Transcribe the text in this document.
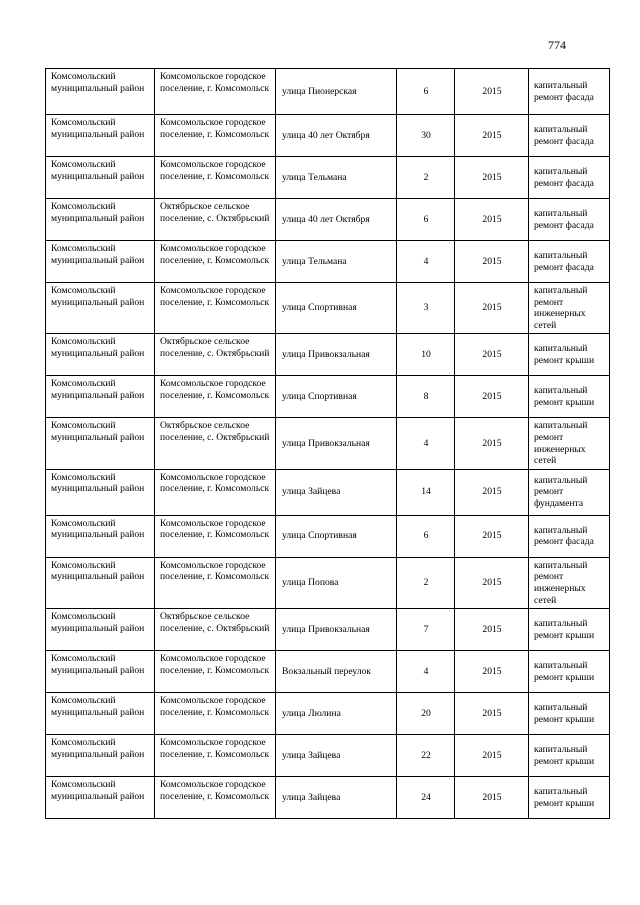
774
Комсомольский муниципальный район	Комсомольское городское поселение, г. Комсомольск	улица Пионерская	6	2015	капитальный ремонт фасада
Комсомольский муниципальный район	Комсомольское городское поселение, г. Комсомольск	улица 40 лет Октября	30	2015	капитальный ремонт фасада
Комсомольский муниципальный район	Комсомольское городское поселение, г. Комсомольск	улица Тельмана	2	2015	капитальный ремонт фасада
Комсомольский муниципальный район	Октябрьское сельское поселение, с. Октябрьский	улица 40 лет Октября	6	2015	капитальный ремонт фасада
Комсомольский муниципальный район	Комсомольское городское поселение, г. Комсомольск	улица Тельмана	4	2015	капитальный ремонт фасада
Комсомольский муниципальный район	Комсомольское городское поселение, г. Комсомольск	улица Спортивная	3	2015	капитальный ремонт инженерных сетей
Комсомольский муниципальный район	Октябрьское сельское поселение, с. Октябрьский	улица Привокзальная	10	2015	капитальный ремонт крыши
Комсомольский муниципальный район	Комсомольское городское поселение, г. Комсомольск	улица Спортивная	8	2015	капитальный ремонт крыши
Комсомольский муниципальный район	Октябрьское сельское поселение, с. Октябрьский	улица Привокзальная	4	2015	капитальный ремонт инженерных сетей
Комсомольский муниципальный район	Комсомольское городское поселение, г. Комсомольск	улица Зайцева	14	2015	капитальный ремонт фундамента
Комсомольский муниципальный район	Комсомольское городское поселение, г. Комсомольск	улица Спортивная	6	2015	капитальный ремонт фасада
Комсомольский муниципальный район	Комсомольское городское поселение, г. Комсомольск	улица Попова	2	2015	капитальный ремонт инженерных сетей
Комсомольский муниципальный район	Октябрьское сельское поселение, с. Октябрьский	улица Привокзальная	7	2015	капитальный ремонт крыши
Комсомольский муниципальный район	Комсомольское городское поселение, г. Комсомольск	Вокзальный переулок	4	2015	капитальный ремонт крыши
Комсомольский муниципальный район	Комсомольское городское поселение, г. Комсомольск	улица Люлина	20	2015	капитальный ремонт крыши
Комсомольский муниципальный район	Комсомольское городское поселение, г. Комсомольск	улица Зайцева	22	2015	капитальный ремонт крыши
Комсомольский муниципальный район	Комсомольское городское поселение, г. Комсомольск	улица Зайцева	24	2015	капитальный ремонт крыши
